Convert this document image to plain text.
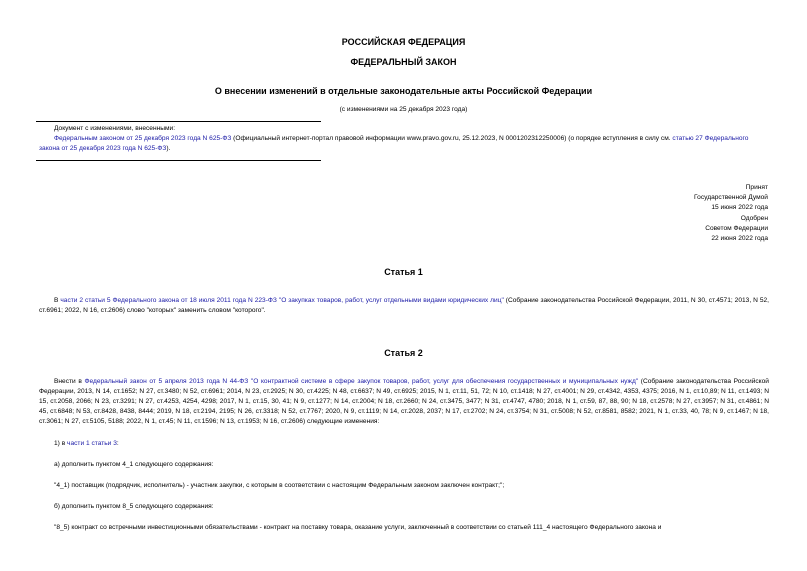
РОССИЙСКАЯ ФЕДЕРАЦИЯ
ФЕДЕРАЛЬНЫЙ ЗАКОН
О внесении изменений в отдельные законодательные акты Российской Федерации
(с изменениями на 25 декабря 2023 года)
Документ с изменениями, внесенными:
Федеральным законом от 25 декабря 2023 года N 625-ФЗ (Официальный интернет-портал правовой информации www.pravo.gov.ru, 25.12.2023, N 0001202312250006) (о порядке вступления в силу см. статью 27 Федерального закона от 25 декабря 2023 года N 625-ФЗ).
Принят
Государственной Думой
15 июня 2022 года
Одобрен
Советом Федерации
22 июня 2022 года
Статья 1
В части 2 статьи 5 Федерального закона от 18 июля 2011 года N 223-ФЗ "О закупках товаров, работ, услуг отдельными видами юридических лиц" (Собрание законодательства Российской Федерации, 2011, N 30, ст.4571; 2013, N 52, ст.6961; 2022, N 16, ст.2606) слово "которых" заменить словом "которого".
Статья 2
Внести в Федеральный закон от 5 апреля 2013 года N 44-ФЗ "О контрактной системе в сфере закупок товаров, работ, услуг для обеспечения государственных и муниципальных нужд" (Собрание законодательства Российской Федерации, 2013, N 14, ст.1652; N 27, ст.3480; N 52, ст.6961; 2014, N 23, ст.2925; N 30, ст.4225; N 48, ст.6637; N 49, ст.6925; 2015, N 1, ст.11, 51, 72; N 10, ст.1418; N 27, ст.4001; N 29, ст.4342, 4353, 4375; 2016, N 1, ст.10,89; N 11, ст.1493; N 15, ст.2058, 2066; N 23, ст.3291; N 27, ст.4253, 4254, 4298; 2017, N 1, ст.15, 30, 41; N 9, ст.1277; N 14, ст.2004; N 18, ст.2660; N 24, ст.3475, 3477; N 31, ст.4747, 4780; 2018, N 1, ст.59, 87, 88, 90; N 18, ст.2578; N 27, ст.3957; N 31, ст.4861; N 45, ст.6848; N 53, ст.8428, 8438, 8444; 2019, N 18, ст.2194, 2195; N 26, ст.3318; N 52, ст.7767; 2020, N 9, ст.1119; N 14, ст.2028, 2037; N 17, ст.2702; N 24, ст.3754; N 31, ст.5008; N 52, ст.8581, 8582; 2021, N 1, ст.33, 40, 78; N 9, ст.1467; N 18, ст.3061; N 27, ст.5105, 5188; 2022, N 1, ст.45; N 11, ст.1596; N 13, ст.1953; N 16, ст.2606) следующие изменения:
1) в части 1 статьи 3:
а) дополнить пунктом 4_1 следующего содержания:
"4_1) поставщик (подрядчик, исполнитель) - участник закупки, с которым в соответствии с настоящим Федеральным законом заключен контракт;";
б) дополнить пунктом 8_5 следующего содержания:
"8_5) контракт со встречными инвестиционными обязательствами - контракт на поставку товара, оказание услуги, заключенный в соответствии со статьей 111_4 настоящего Федерального закона и
